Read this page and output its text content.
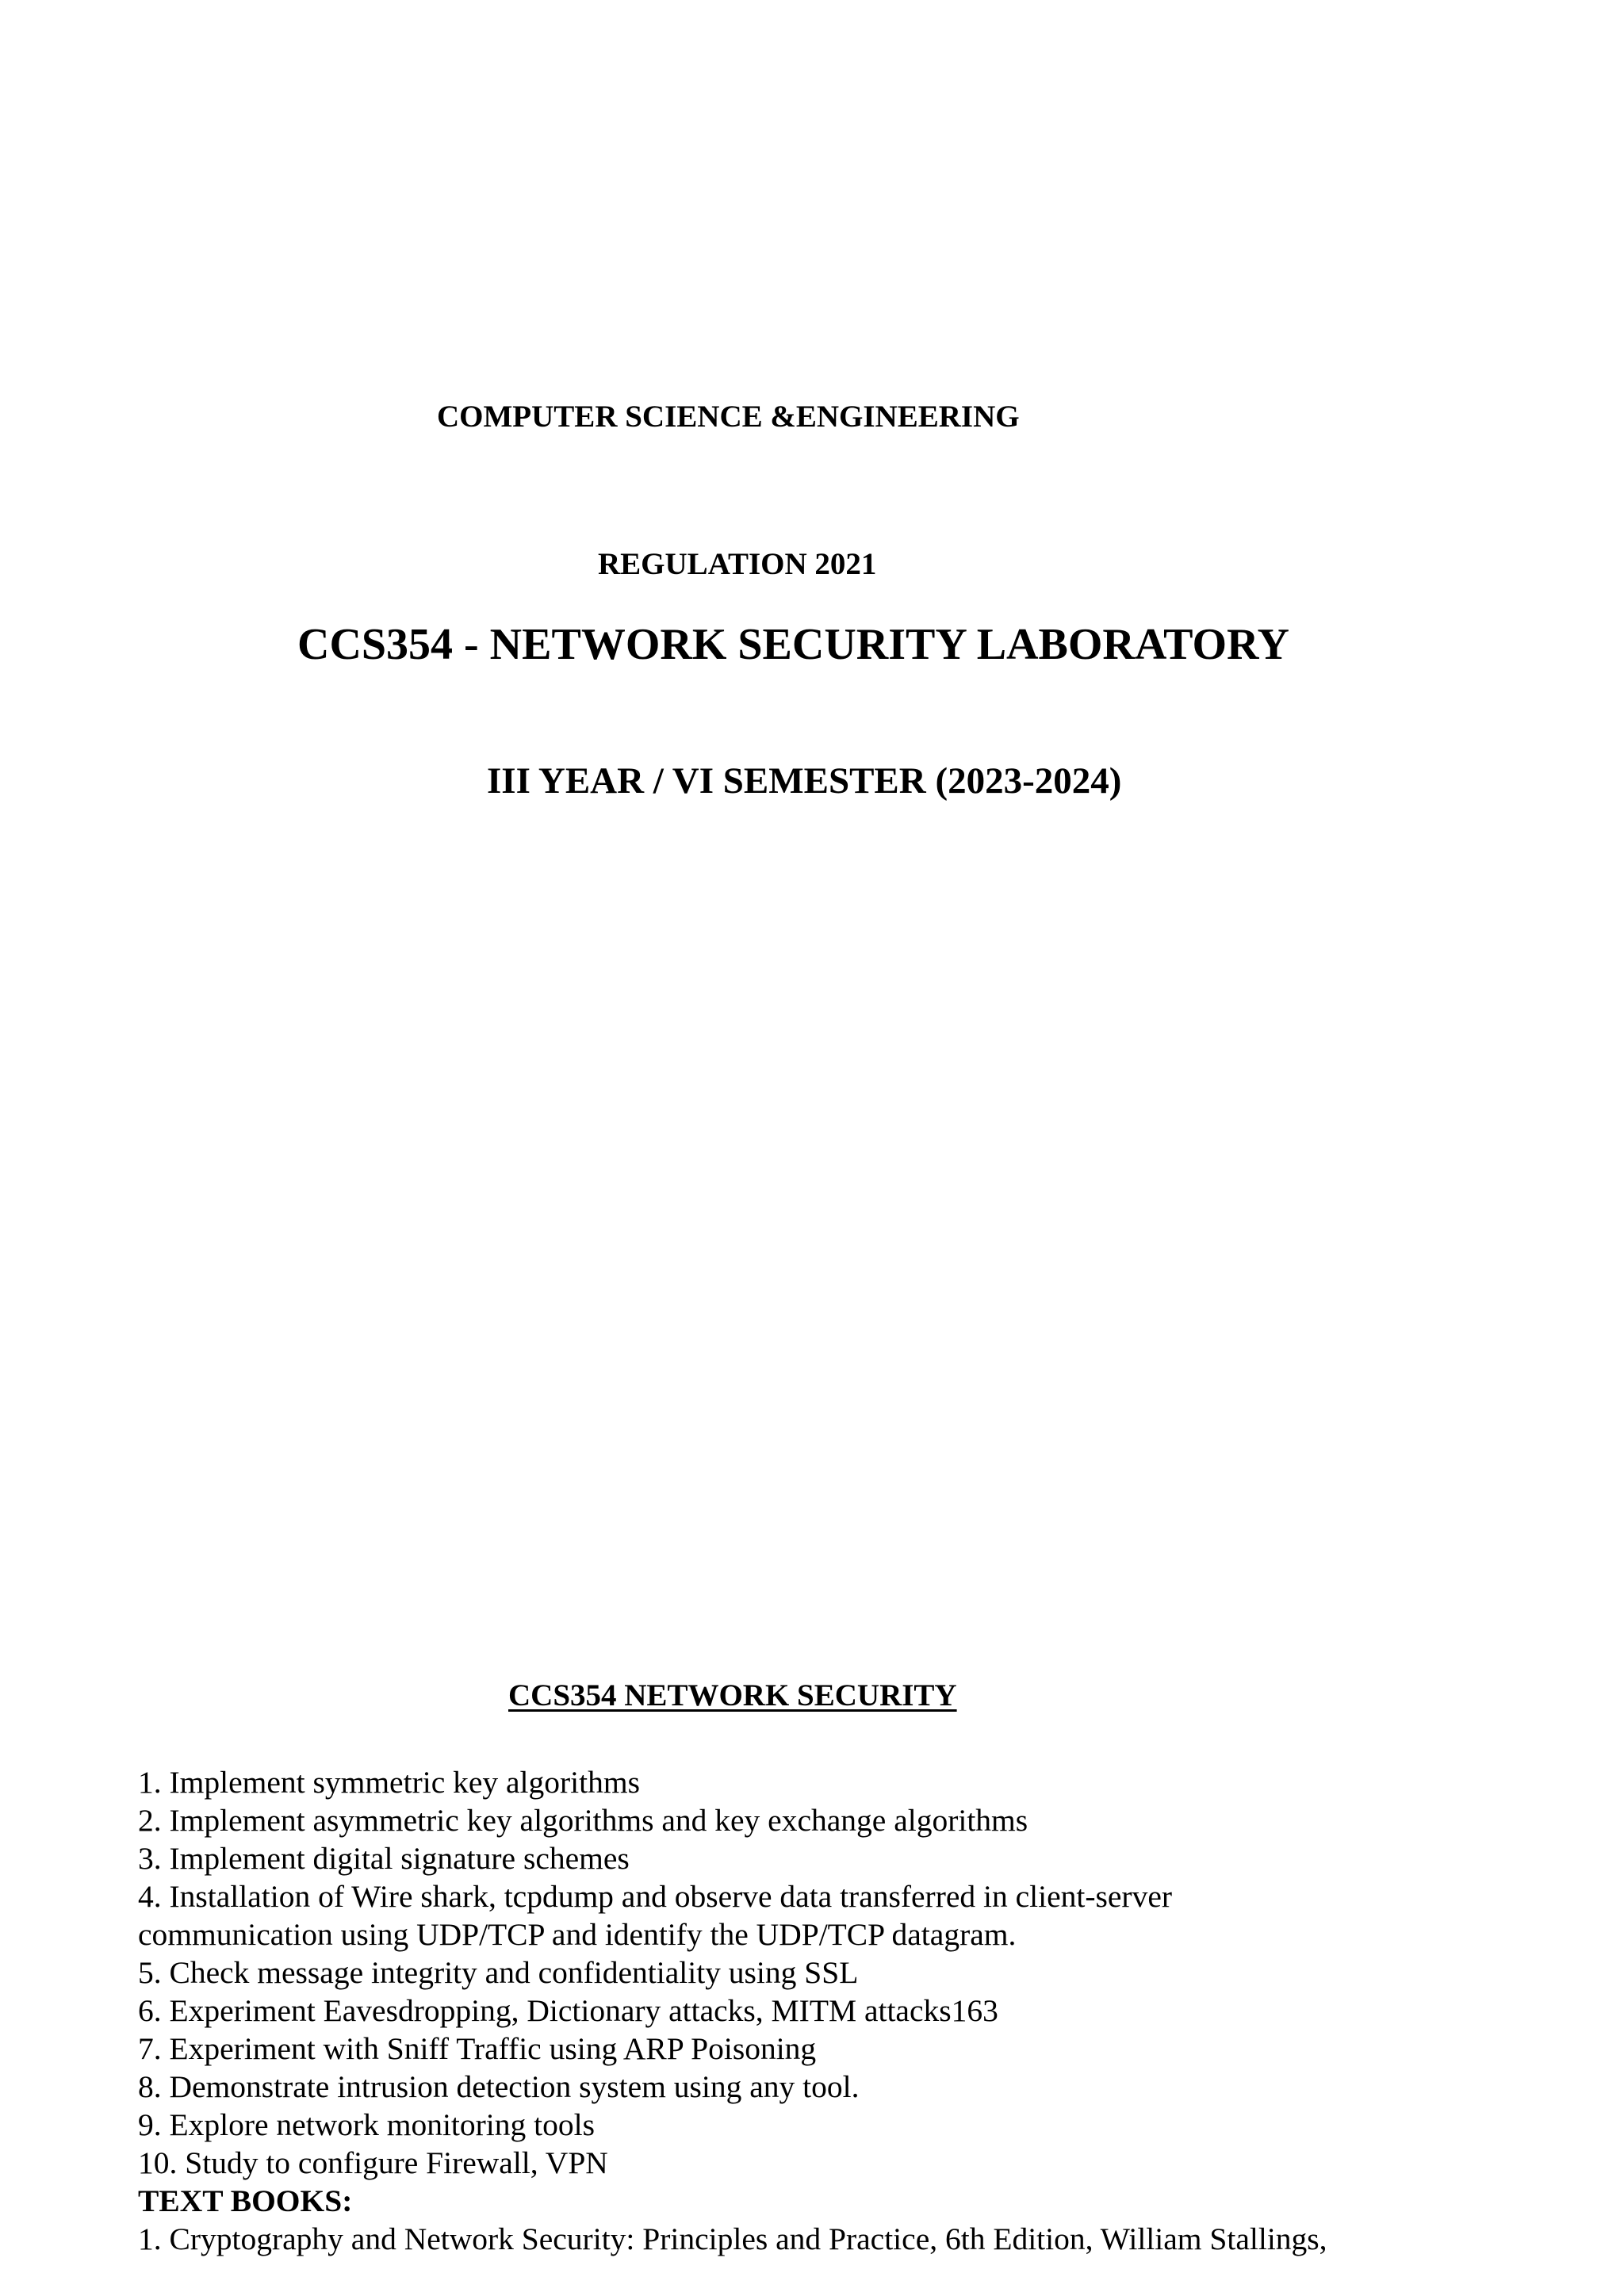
COMPUTER SCIENCE &ENGINEERING
REGULATION 2021
CCS354 - NETWORK SECURITY LABORATORY
III YEAR / VI SEMESTER (2023-2024)
CCS354 NETWORK SECURITY
1. Implement symmetric key algorithms
2. Implement asymmetric key algorithms and key exchange algorithms
3. Implement digital signature schemes
4. Installation of Wire shark, tcpdump and observe data transferred in client-server
communication using UDP/TCP and identify the UDP/TCP datagram.
5. Check message integrity and confidentiality using SSL
6. Experiment Eavesdropping, Dictionary attacks, MITM attacks163
7. Experiment with Sniff Traffic using ARP Poisoning
8. Demonstrate intrusion detection system using any tool.
9. Explore network monitoring tools
10. Study to configure Firewall, VPN
TEXT BOOKS:
1. Cryptography and Network Security: Principles and Practice, 6th Edition, William Stallings,
